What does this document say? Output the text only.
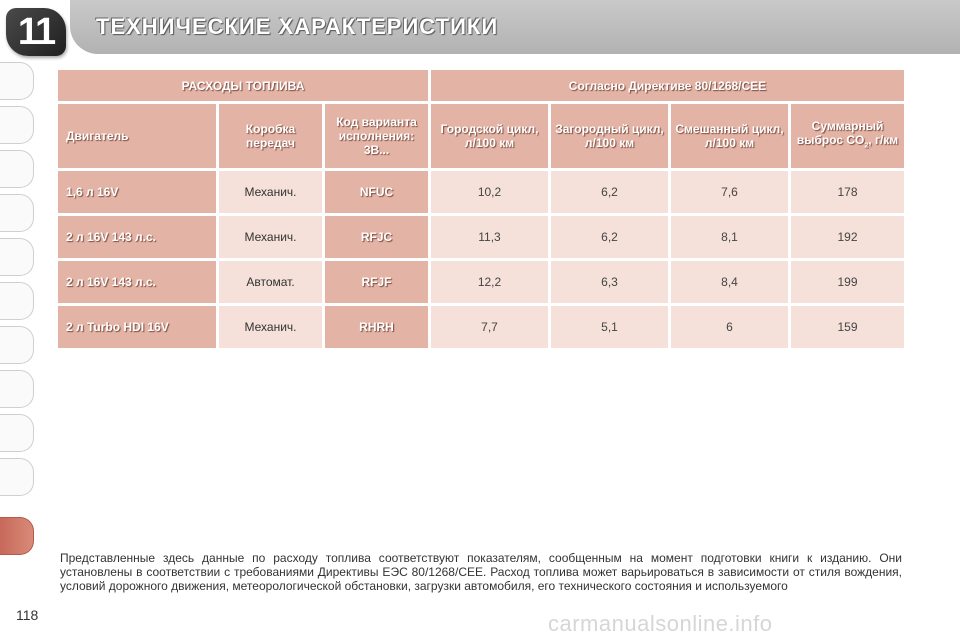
11	ТЕХНИЧЕСКИЕ ХАРАКТЕРИСТИКИ
РАСХОДЫ ТОПЛИВА			Согласно Директиве 80/1268/CEE			
Двигатель	Коробка передач	Код варианта исполнения: 3B...	Городской цикл, л/100 км	Загородный цикл, л/100 км	Смешанный цикл, л/100 км	Суммарный выброс $CO_2$, г/км
1,6 л 16V	Механич.	NFUC	10,2	6,2	7,6	178
2 л 16V 143 л.с.	Механич.	RFJC	11,3	6,2	8,1	192
2 л 16V 143 л.с.	Автомат.	RFJF	12,2	6,3	8,4	199
2 л Turbo HDI 16V	Механич.	RHRH	7,7	5,1	6	159

Представленные здесь данные по расходу топлива соответствуют показателям, сообщенным на момент подготовки книги к изданию. Они установлены в соответствии с требованиями Директивы ЕЭС 80/1268/CEE. Расход топлива может варьироваться в зависимости от стиля вождения, условий дорожного движения, метеорологической обстановки, загрузки автомобиля, его технического состояния и используемого

118	carmanualsonline.info
